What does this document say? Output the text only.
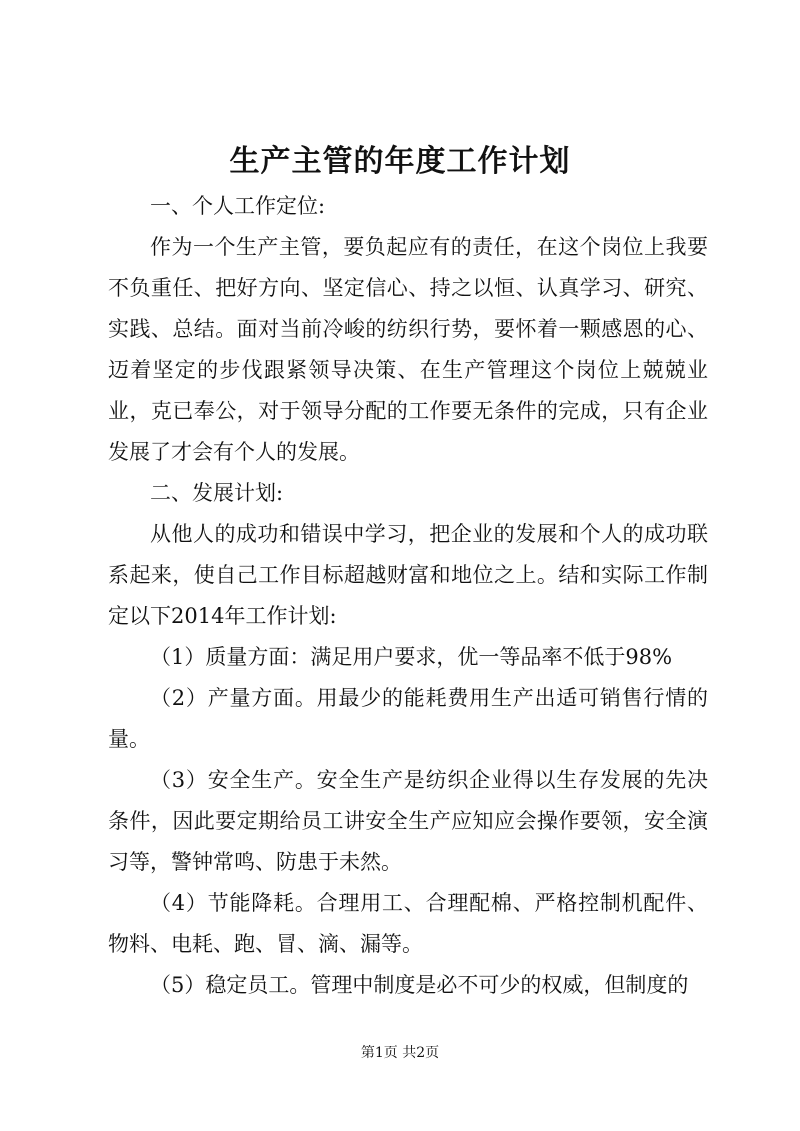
生产主管的年度工作计划

一、个人工作定位:

作为一个生产主管，要负起应有的责任，在这个岗位上我要不负重任、把好方向、坚定信心、持之以恒、认真学习、研究、实践、总结。面对当前冷峻的纺织行势，要怀着一颗感恩的心、迈着坚定的步伐跟紧领导决策、在生产管理这个岗位上兢兢业业，克已奉公，对于领导分配的工作要无条件的完成，只有企业发展了才会有个人的发展。

二、发展计划:

从他人的成功和错误中学习，把企业的发展和个人的成功联系起来，使自己工作目标超越财富和地位之上。结和实际工作制定以下2014年工作计划:

（1）质量方面：满足用户要求，优一等品率不低于98%

（2）产量方面。用最少的能耗费用生产出适可销售行情的量。

（3）安全生产。安全生产是纺织企业得以生存发展的先决条件，因此要定期给员工讲安全生产应知应会操作要领，安全演习等，警钟常鸣、防患于未然。

（4）节能降耗。合理用工、合理配棉、严格控制机配件、物料、电耗、跑、冒、滴、漏等。

（5）稳定员工。管理中制度是必不可少的权威，但制度的

第1页 共2页
